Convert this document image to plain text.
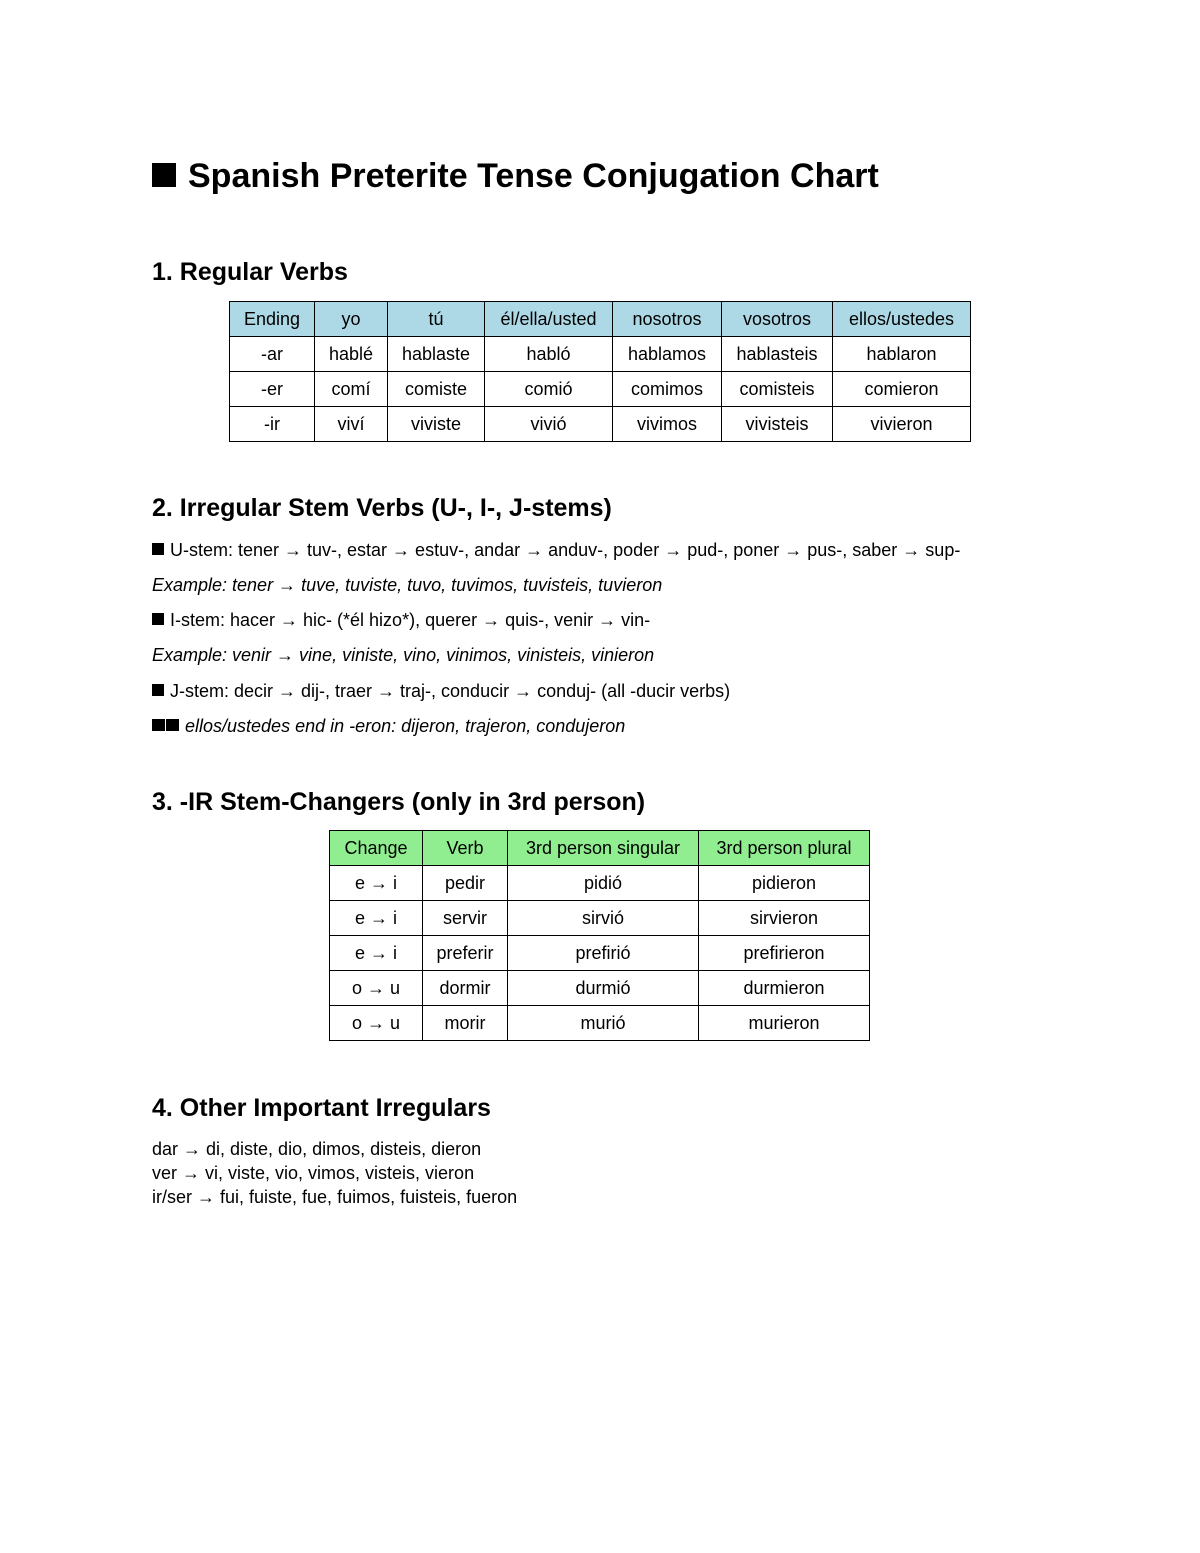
Spanish Preterite Tense Conjugation Chart
1. Regular Verbs
Ending	yo	tú	él/ella/usted	nosotros	vosotros	ellos/ustedes
-ar	hablé	hablaste	habló	hablamos	hablasteis	hablaron
-er	comí	comiste	comió	comimos	comisteis	comieron
-ir	viví	viviste	vivió	vivimos	vivisteis	vivieron
2. Irregular Stem Verbs (U-, I-, J-stems)
U-stem: tener → tuv-, estar → estuv-, andar → anduv-, poder → pud-, poner → pus-, saber → sup-
Example: tener → tuve, tuviste, tuvo, tuvimos, tuvisteis, tuvieron
I-stem: hacer → hic- (*él hizo*), querer → quis-, venir → vin-
Example: venir → vine, viniste, vino, vinimos, vinisteis, vinieron
J-stem: decir → dij-, traer → traj-, conducir → conduj- (all -ducir verbs)
ellos/ustedes end in -eron: dijeron, trajeron, condujeron
3. -IR Stem-Changers (only in 3rd person)
Change	Verb	3rd person singular	3rd person plural
e → i	pedir	pidió	pidieron
e → i	servir	sirvió	sirvieron
e → i	preferir	prefirió	prefirieron
o → u	dormir	durmió	durmieron
o → u	morir	murió	murieron
4. Other Important Irregulars
dar → di, diste, dio, dimos, disteis, dieron
ver → vi, viste, vio, vimos, visteis, vieron
ir/ser → fui, fuiste, fue, fuimos, fuisteis, fueron
